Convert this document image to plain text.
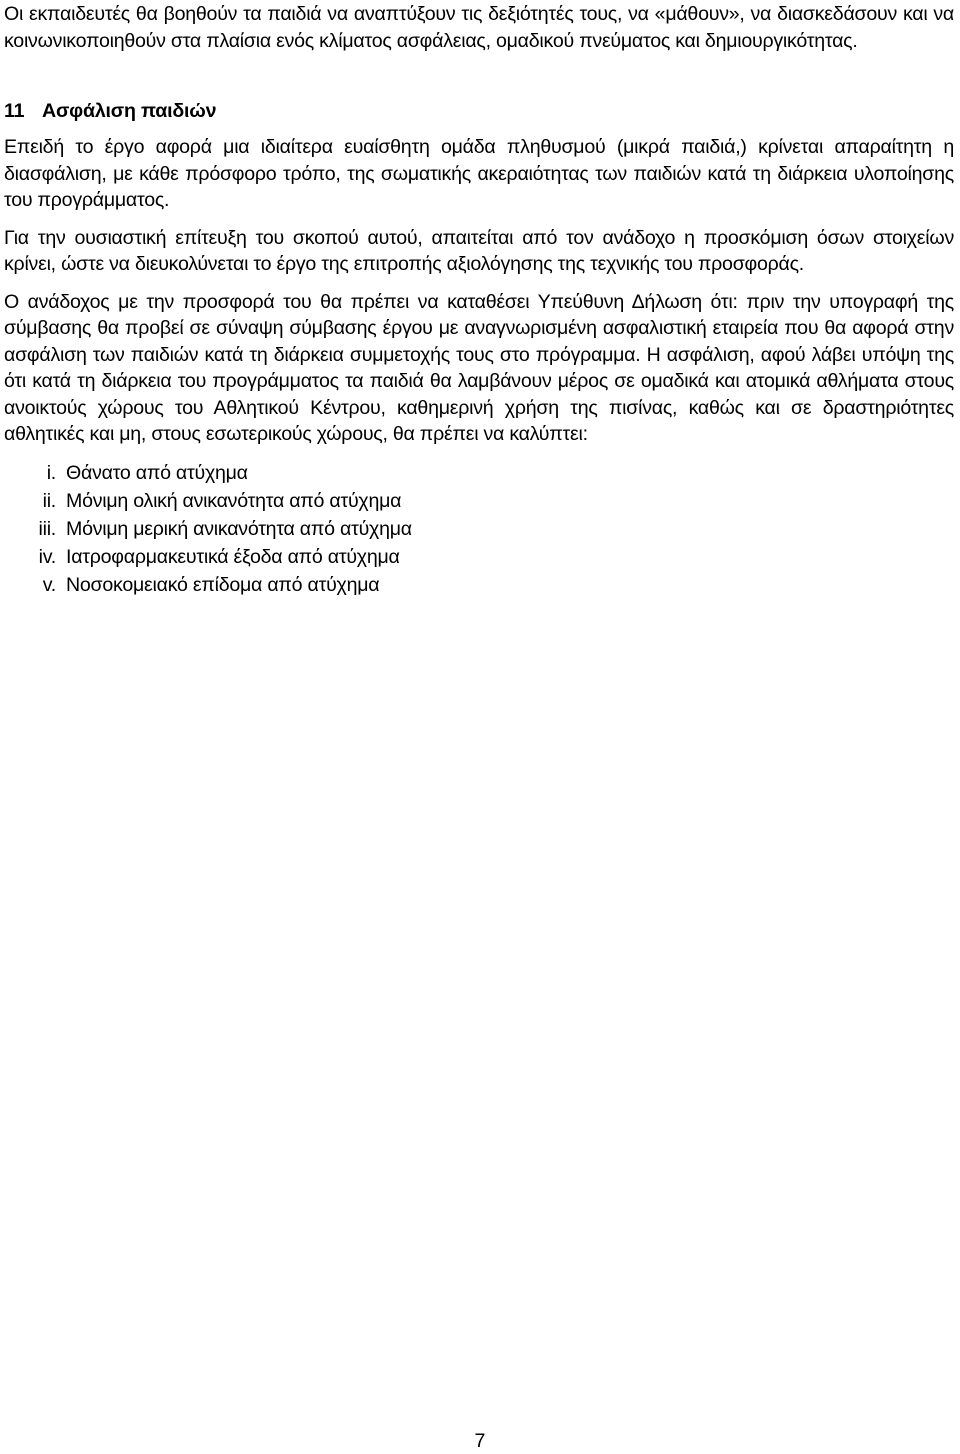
Οι εκπαιδευτές θα βοηθούν τα παιδιά να αναπτύξουν τις δεξιότητές τους, να «μάθουν», να διασκεδάσουν και να κοινωνικοποιηθούν στα πλαίσια ενός κλίματος ασφάλειας, ομαδικού πνεύματος και δημιουργικότητας.

11 Ασφάλιση παιδιών

Επειδή το έργο αφορά μια ιδιαίτερα ευαίσθητη ομάδα πληθυσμού (μικρά παιδιά,) κρίνεται απαραίτητη η διασφάλιση, με κάθε πρόσφορο τρόπο, της σωματικής ακεραιότητας των παιδιών κατά τη διάρκεια υλοποίησης του προγράμματος.

Για την ουσιαστική επίτευξη του σκοπού αυτού, απαιτείται από τον ανάδοχο η προσκόμιση όσων στοιχείων κρίνει, ώστε να διευκολύνεται το έργο της επιτροπής αξιολόγησης της τεχνικής του προσφοράς.

Ο ανάδοχος με την προσφορά του θα πρέπει να καταθέσει Υπεύθυνη Δήλωση ότι: πριν την υπογραφή της σύμβασης θα προβεί σε σύναψη σύμβασης έργου με αναγνωρισμένη ασφαλιστική εταιρεία που θα αφορά στην ασφάλιση των παιδιών κατά τη διάρκεια συμμετοχής τους στο πρόγραμμα. Η ασφάλιση, αφού λάβει υπόψη της ότι κατά τη διάρκεια του προγράμματος τα παιδιά θα λαμβάνουν μέρος σε ομαδικά και ατομικά αθλήματα στους ανοικτούς χώρους του Αθλητικού Κέντρου, καθημερινή χρήση της πισίνας, καθώς και σε δραστηριότητες αθλητικές και μη, στους εσωτερικούς χώρους, θα πρέπει να καλύπτει:

i. Θάνατο από ατύχημα
ii. Μόνιμη ολική ανικανότητα από ατύχημα
iii. Μόνιμη μερική ανικανότητα από ατύχημα
iv. Ιατροφαρμακευτικά έξοδα από ατύχημα
v. Νοσοκομειακό επίδομα από ατύχημα
7
